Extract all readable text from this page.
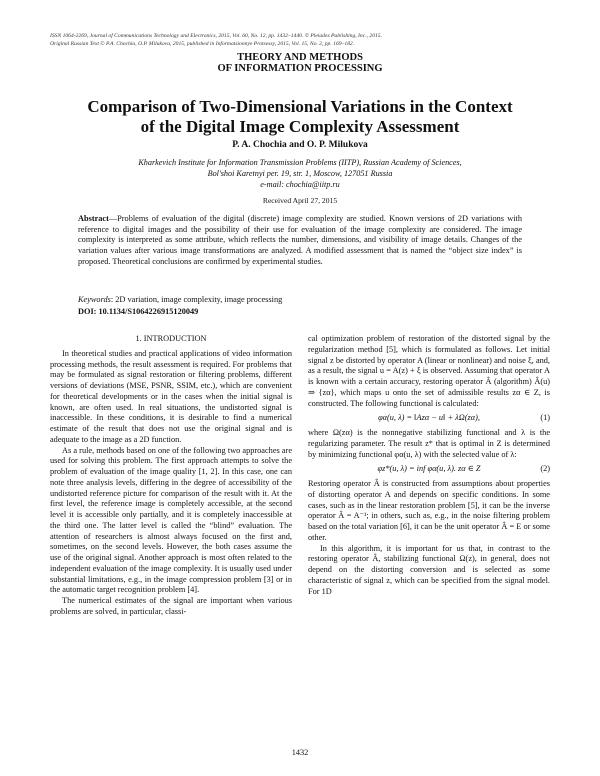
ISSN 1064-2269, Journal of Communications Technology and Electronics, 2015, Vol. 60, No. 12, pp. 1432–1440. © Pleiades Publishing, Inc., 2015.
Original Russian Text © P.A. Chochia, O.P. Milukova, 2015, published in Informatsionnye Protsessy, 2015, Vol. 15, No. 2, pp. 169–182.
THEORY AND METHODS
OF INFORMATION PROCESSING
Comparison of Two-Dimensional Variations in the Context
of the Digital Image Complexity Assessment
P. A. Chochia and O. P. Milukova
Kharkevich Institute for Information Transmission Problems (IITP), Russian Academy of Sciences,
Bol'shoi Karetnyi per. 19, str. 1, Moscow, 127051 Russia
e-mail: chochia@iitp.ru
Received April 27, 2015
Abstract—Problems of evaluation of the digital (discrete) image complexity are studied. Known versions of 2D variations with reference to digital images and the possibility of their use for evaluation of the image complexity are considered. The image complexity is interpreted as some attribute, which reflects the number, dimensions, and visibility of image details. Changes of the variation values after various image transformations are analyzed. A modified assessment that is named the “object size index” is proposed. Theoretical conclusions are confirmed by experimental studies.
Keywords: 2D variation, image complexity, image processing
DOI: 10.1134/S1064226915120049

1. INTRODUCTION

In theoretical studies and practical applications of video information processing methods, the result assessment is required. For problems that may be formulated as signal restoration or filtering problems, different versions of deviations (MSE, PSNR, SSIM, etc.), which are convenient for theoretical developments or in the cases when the initial signal is known, are often used. In real situations, the undistorted signal is inaccessible. In these conditions, it is desirable to find a numerical estimate of the result that does not use the original signal and is adequate to the image as a 2D function.

As a rule, methods based on one of the following two approaches are used for solving this problem. The first approach attempts to solve the problem of evaluation of the image quality [1, 2]. In this case, one can note three analysis levels, differing in the degree of accessibility of the undistorted reference picture for comparison of the result with it. At the first level, the reference image is completely accessible, at the second level it is accessible only partially, and it is completely inaccessible at the third one. The latter level is called the “blind” evaluation. The attention of researchers is almost always focused on the first and, sometimes, on the second levels. However, the both cases assume the use of the original signal. Another approach is most often related to the independent evaluation of the image complexity. It is usually used under substantial limitations, e.g., in the image compression problem [3] or in the automatic target recognition problem [4].

The numerical estimates of the signal are important when various problems are solved, in particular, classi-

cal optimization problem of restoration of the distorted signal by the regularization method [5], which is formulated as follows. Let initial signal z be distorted by operator A (linear or nonlinear) and noise ξ, and, as a result, the signal u = A(z) + ξ is observed. Assuming that operator A is known with a certain accuracy, restoring operator Â (algorithm) Â(u) ⇒ {zα}, which maps u onto the set of admissible results zα ∈ Z, is constructed. The following functional is calculated:

φα(u, λ) = ‖Azα − u‖ + λΩ(zα),	(1)

where Ω(zα) is the nonnegative stabilizing functional and λ is the regularizing parameter. The result z* that is optimal in Z is determined by minimizing functional φα(u, λ) with the selected value of λ:

φz*(u, λ) = inf φα(u, λ). zα ∈ Z	(2)

Restoring operator Â is constructed from assumptions about properties of distorting operator A and depends on specific conditions. In some cases, such as in the linear restoration problem [5], it can be the inverse operator Â = A⁻¹; in others, such as, e.g., in the noise filtering problem based on the total variation [6], it can be the unit operator Â = E or some other.

In this algorithm, it is important for us that, in contrast to the restoring operator Â, stabilizing functional Ω(z), in general, does not depend on the distorting conversion and is selected as some characteristic of signal z, which can be specified from the signal model. For 1D

1432
